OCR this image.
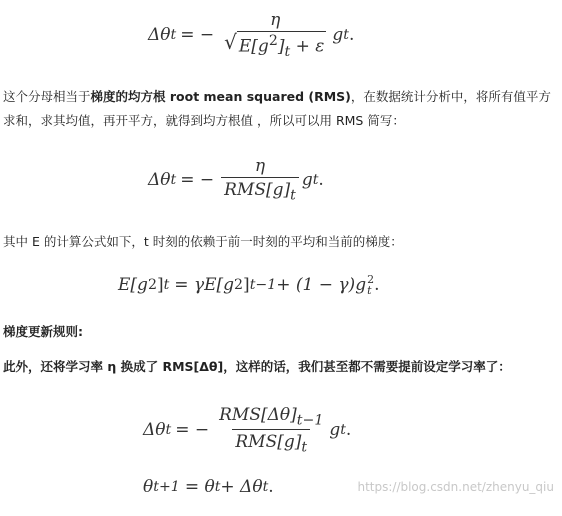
Δθ t = −
η
√ $E[g^2]_t + \varepsilon$
g t .
这个分母相当于梯度的均方根 root mean squared (RMS)，在数据统计分析中，将所有值平方求和，求其均值，再开平方，就得到均方根值 ，所以可以用 RMS 简写：
Δθ t = − $\frac{\eta}{RMS[g]_t}$ g t .
其中 E 的计算公式如下，t 时刻的依赖于前一时刻的平均和当前的梯度：
E[g 2 ] t = γE[g 2 ] t−1 + (1 − γ)g 2
t .
梯度更新规则:
此外，还将学习率 η 换成了 RMS[Δθ]，这样的话，我们甚至都不需要提前设定学习率了：
Δθ t = − $\frac{RMS[\Delta\theta]_{t-1}}{RMS[g]_t}$ g t .
θ t+1 = θ t + Δθ t .	https://blog.csdn.net/zhenyu_qiu
